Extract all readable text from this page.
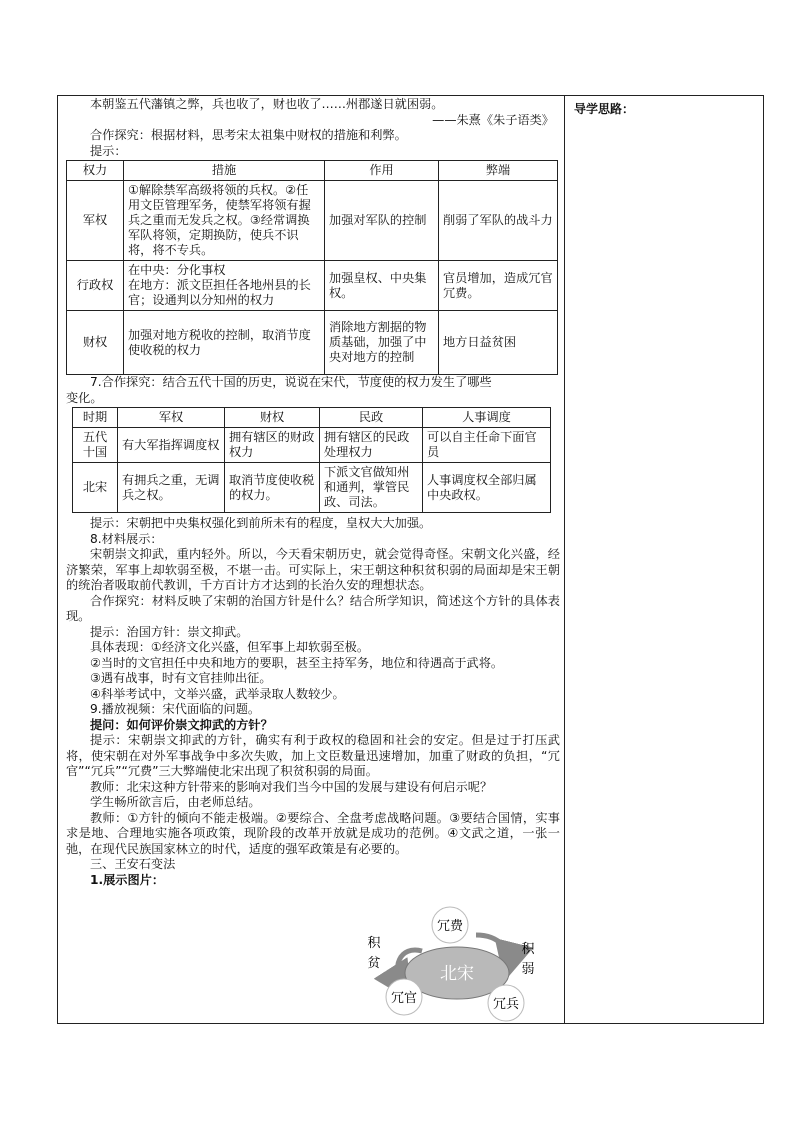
导学思路：
本朝鉴五代藩镇之弊，兵也收了，财也收了……州郡遂日就困弱。
——朱熹《朱子语类》
合作探究：根据材料，思考宋太祖集中财权的措施和利弊。
提示：
权力	措施	作用	弊端
军权	①解除禁军高级将领的兵权。②任用文臣管理军务，使禁军将领有握兵之重而无发兵之权。③经常调换军队将领，定期换防，使兵不识将，将不专兵。	加强对军队的控制	削弱了军队的战斗力
行政权	在中央：分化事权
在地方：派文臣担任各地州县的长官；设通判以分知州的权力	加强皇权、中央集权。	官员增加，造成冗官冗费。
财权	加强对地方税收的控制，取消节度使收税的权力	消除地方割据的物质基础，加强了中央对地方的控制	地方日益贫困
7.合作探究：结合五代十国的历史，说说在宋代，节度使的权力发生了哪些
变化。
时期	军权	财权	民政	人事调度
五代
十国	有大军指挥调度权	拥有辖区的财政权力	拥有辖区的民政处理权力	可以自主任命下面官员
北宋	有拥兵之重，无调兵之权。	取消节度使收税的权力。	下派文官做知州和通判，掌管民政、司法。	人事调度权全部归属中央政权。
提示：宋朝把中央集权强化到前所未有的程度，皇权大大加强。
8.材料展示：
宋朝崇文抑武，重内轻外。所以，今天看宋朝历史，就会觉得奇怪。宋朝文化兴盛，经济繁荣，军事上却软弱至极，不堪一击。可实际上，宋王朝这种积贫积弱的局面却是宋王朝的统治者吸取前代教训，千方百计方才达到的长治久安的理想状态。
合作探究：材料反映了宋朝的治国方针是什么？结合所学知识，简述这个方针的具体表现。
提示：治国方针：崇文抑武。
具体表现：①经济文化兴盛，但军事上却软弱至极。
②当时的文官担任中央和地方的要职，甚至主持军务，地位和待遇高于武将。
③遇有战事，时有文官挂帅出征。
④科举考试中，文举兴盛，武举录取人数较少。
9.播放视频：宋代面临的问题。
提问：如何评价崇文抑武的方针？
提示：宋朝崇文抑武的方针，确实有利于政权的稳固和社会的安定。但是过于打压武将，使宋朝在对外军事战争中多次失败，加上文臣数量迅速增加，加重了财政的负担，“冗官”“冗兵”“冗费”三大弊端使北宋出现了积贫积弱的局面。
教师：北宋这种方针带来的影响对我们当今中国的发展与建设有何启示呢？
学生畅所欲言后，由老师总结。
教师：①方针的倾向不能走极端。②要综合、全盘考虑战略问题。③要结合国情，实事求是地、合理地实施各项政策，现阶段的改革开放就是成功的范例。④文武之道，一张一弛，在现代民族国家林立的时代，适度的强军政策是有必要的。
三、王安石变法
1.展示图片：
北宋
冗费
冗官	冗兵
积
贫
积
弱
